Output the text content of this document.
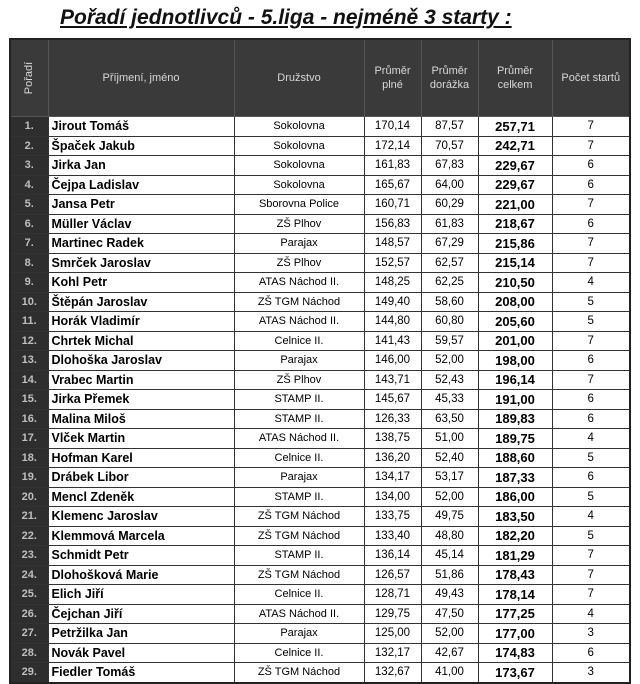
Pořadí jednotlivců - 5.liga - nejméně 3 starty :
Pořadí	Příjmení, jméno	Družstvo	Průměr plné	Průměr dorážka	Průměr celkem	Počet startů
1.	Jirout Tomáš	Sokolovna	170,14	87,57	257,71	7
2.	Špaček Jakub	Sokolovna	172,14	70,57	242,71	7
3.	Jirka Jan	Sokolovna	161,83	67,83	229,67	6
4.	Čejpa Ladislav	Sokolovna	165,67	64,00	229,67	6
5.	Jansa Petr	Sborovna Police	160,71	60,29	221,00	7
6.	Müller Václav	ZŠ Plhov	156,83	61,83	218,67	6
7.	Martinec Radek	Parajax	148,57	67,29	215,86	7
8.	Smrček Jaroslav	ZŠ Plhov	152,57	62,57	215,14	7
9.	Kohl Petr	ATAS Náchod II.	148,25	62,25	210,50	4
10.	Štěpán Jaroslav	ZŠ TGM Náchod	149,40	58,60	208,00	5
11.	Horák Vladimír	ATAS Náchod II.	144,80	60,80	205,60	5
12.	Chrtek Michal	Celnice II.	141,43	59,57	201,00	7
13.	Dlohoška Jaroslav	Parajax	146,00	52,00	198,00	6
14.	Vrabec Martin	ZŠ Plhov	143,71	52,43	196,14	7
15.	Jirka Přemek	STAMP II.	145,67	45,33	191,00	6
16.	Malina Miloš	STAMP II.	126,33	63,50	189,83	6
17.	Vlček Martin	ATAS Náchod II.	138,75	51,00	189,75	4
18.	Hofman Karel	Celnice II.	136,20	52,40	188,60	5
19.	Drábek Libor	Parajax	134,17	53,17	187,33	6
20.	Mencl Zdeněk	STAMP II.	134,00	52,00	186,00	5
21.	Klemenc Jaroslav	ZŠ TGM Náchod	133,75	49,75	183,50	4
22.	Klemmová Marcela	ZŠ TGM Náchod	133,40	48,80	182,20	5
23.	Schmidt Petr	STAMP II.	136,14	45,14	181,29	7
24.	Dlohošková Marie	ZŠ TGM Náchod	126,57	51,86	178,43	7
25.	Elich Jiří	Celnice II.	128,71	49,43	178,14	7
26.	Čejchan Jiří	ATAS Náchod II.	129,75	47,50	177,25	4
27.	Petržilka Jan	Parajax	125,00	52,00	177,00	3
28.	Novák Pavel	Celnice II.	132,17	42,67	174,83	6
29.	Fiedler Tomáš	ZŠ TGM Náchod	132,67	41,00	173,67	3
